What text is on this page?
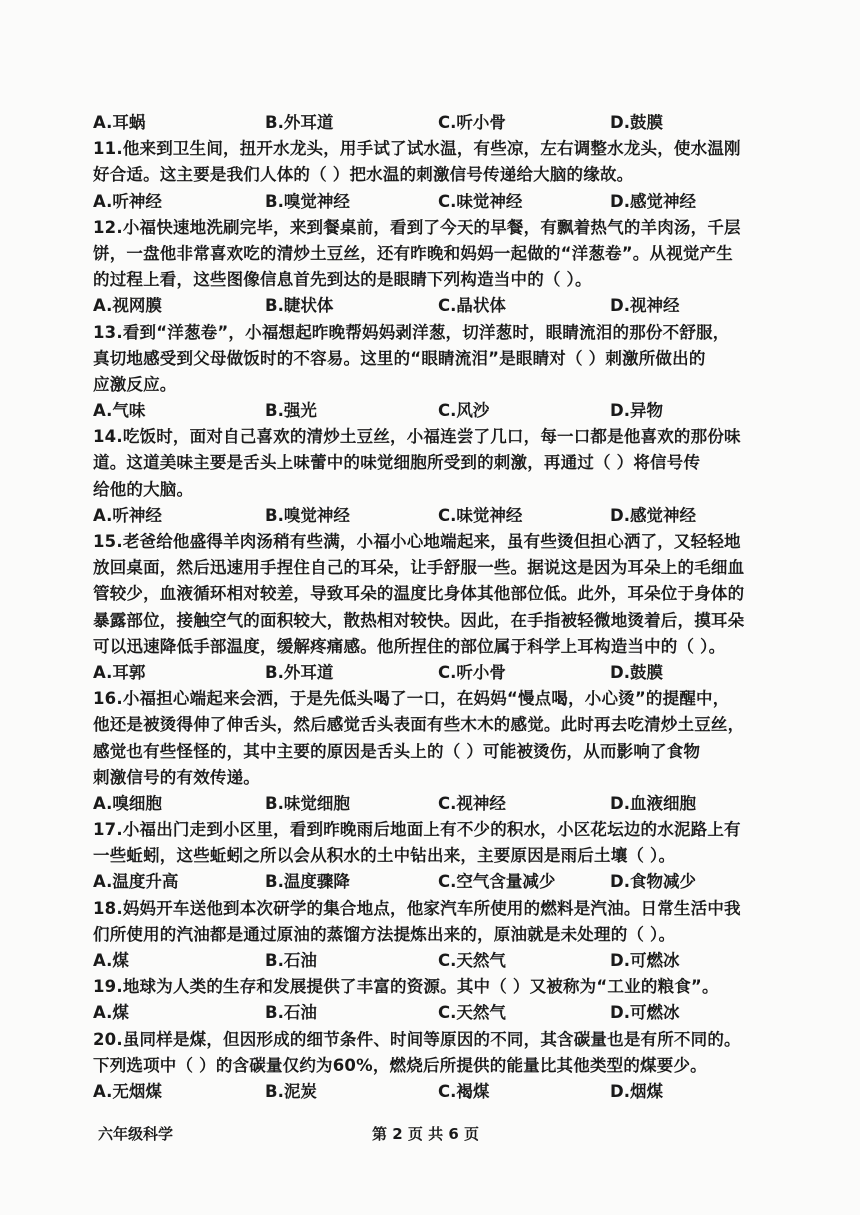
A.耳蜗	B.外耳道	C.听小骨	D.鼓膜
11.他来到卫生间，扭开水龙头，用手试了试水温，有些凉，左右调整水龙头，使水温刚
好合适。这主要是我们人体的（ ）把水温的刺激信号传递给大脑的缘故。
A.听神经	B.嗅觉神经	C.味觉神经	D.感觉神经
12.小福快速地洗刷完毕，来到餐桌前，看到了今天的早餐，有飘着热气的羊肉汤，千层
饼，一盘他非常喜欢吃的清炒土豆丝，还有昨晚和妈妈一起做的“洋葱卷”。从视觉产生
的过程上看，这些图像信息首先到达的是眼睛下列构造当中的（ ）。
A.视网膜	B.睫状体	C.晶状体	D.视神经
13.看到“洋葱卷”，小福想起昨晚帮妈妈剥洋葱，切洋葱时，眼睛流泪的那份不舒服，
真切地感受到父母做饭时的不容易。这里的“眼睛流泪”是眼睛对（ ）刺激所做出的
应激反应。
A.气味	B.强光	C.风沙	D.异物
14.吃饭时，面对自己喜欢的清炒土豆丝，小福连尝了几口，每一口都是他喜欢的那份味
道。这道美味主要是舌头上味蕾中的味觉细胞所受到的刺激，再通过（ ）将信号传
给他的大脑。
A.听神经	B.嗅觉神经	C.味觉神经	D.感觉神经
15.老爸给他盛得羊肉汤稍有些满，小福小心地端起来，虽有些烫但担心洒了，又轻轻地
放回桌面，然后迅速用手捏住自己的耳朵，让手舒服一些。据说这是因为耳朵上的毛细血
管较少，血液循环相对较差，导致耳朵的温度比身体其他部位低。此外，耳朵位于身体的
暴露部位，接触空气的面积较大，散热相对较快。因此，在手指被轻微地烫着后，摸耳朵
可以迅速降低手部温度，缓解疼痛感。他所捏住的部位属于科学上耳构造当中的（ ）。
A.耳郭	B.外耳道	C.听小骨	D.鼓膜
16.小福担心端起来会洒，于是先低头喝了一口，在妈妈“慢点喝，小心烫”的提醒中，
他还是被烫得伸了伸舌头，然后感觉舌头表面有些木木的感觉。此时再去吃清炒土豆丝，
感觉也有些怪怪的，其中主要的原因是舌头上的（ ）可能被烫伤，从而影响了食物
刺激信号的有效传递。
A.嗅细胞	B.味觉细胞	C.视神经	D.血液细胞
17.小福出门走到小区里，看到昨晚雨后地面上有不少的积水，小区花坛边的水泥路上有
一些蚯蚓，这些蚯蚓之所以会从积水的土中钻出来，主要原因是雨后土壤（ ）。
A.温度升高	B.温度骤降	C.空气含量减少	D.食物减少
18.妈妈开车送他到本次研学的集合地点，他家汽车所使用的燃料是汽油。日常生活中我
们所使用的汽油都是通过原油的蒸馏方法提炼出来的，原油就是未处理的（ ）。
A.煤	B.石油	C.天然气	D.可燃冰
19.地球为人类的生存和发展提供了丰富的资源。其中（ ）又被称为“工业的粮食”。
A.煤	B.石油	C.天然气	D.可燃冰
20.虽同样是煤，但因形成的细节条件、时间等原因的不同，其含碳量也是有所不同的。
下列选项中（ ）的含碳量仅约为60%，燃烧后所提供的能量比其他类型的煤要少。
A.无烟煤	B.泥炭	C.褐煤	D.烟煤
六年级科学	第 2 页 共 6 页
